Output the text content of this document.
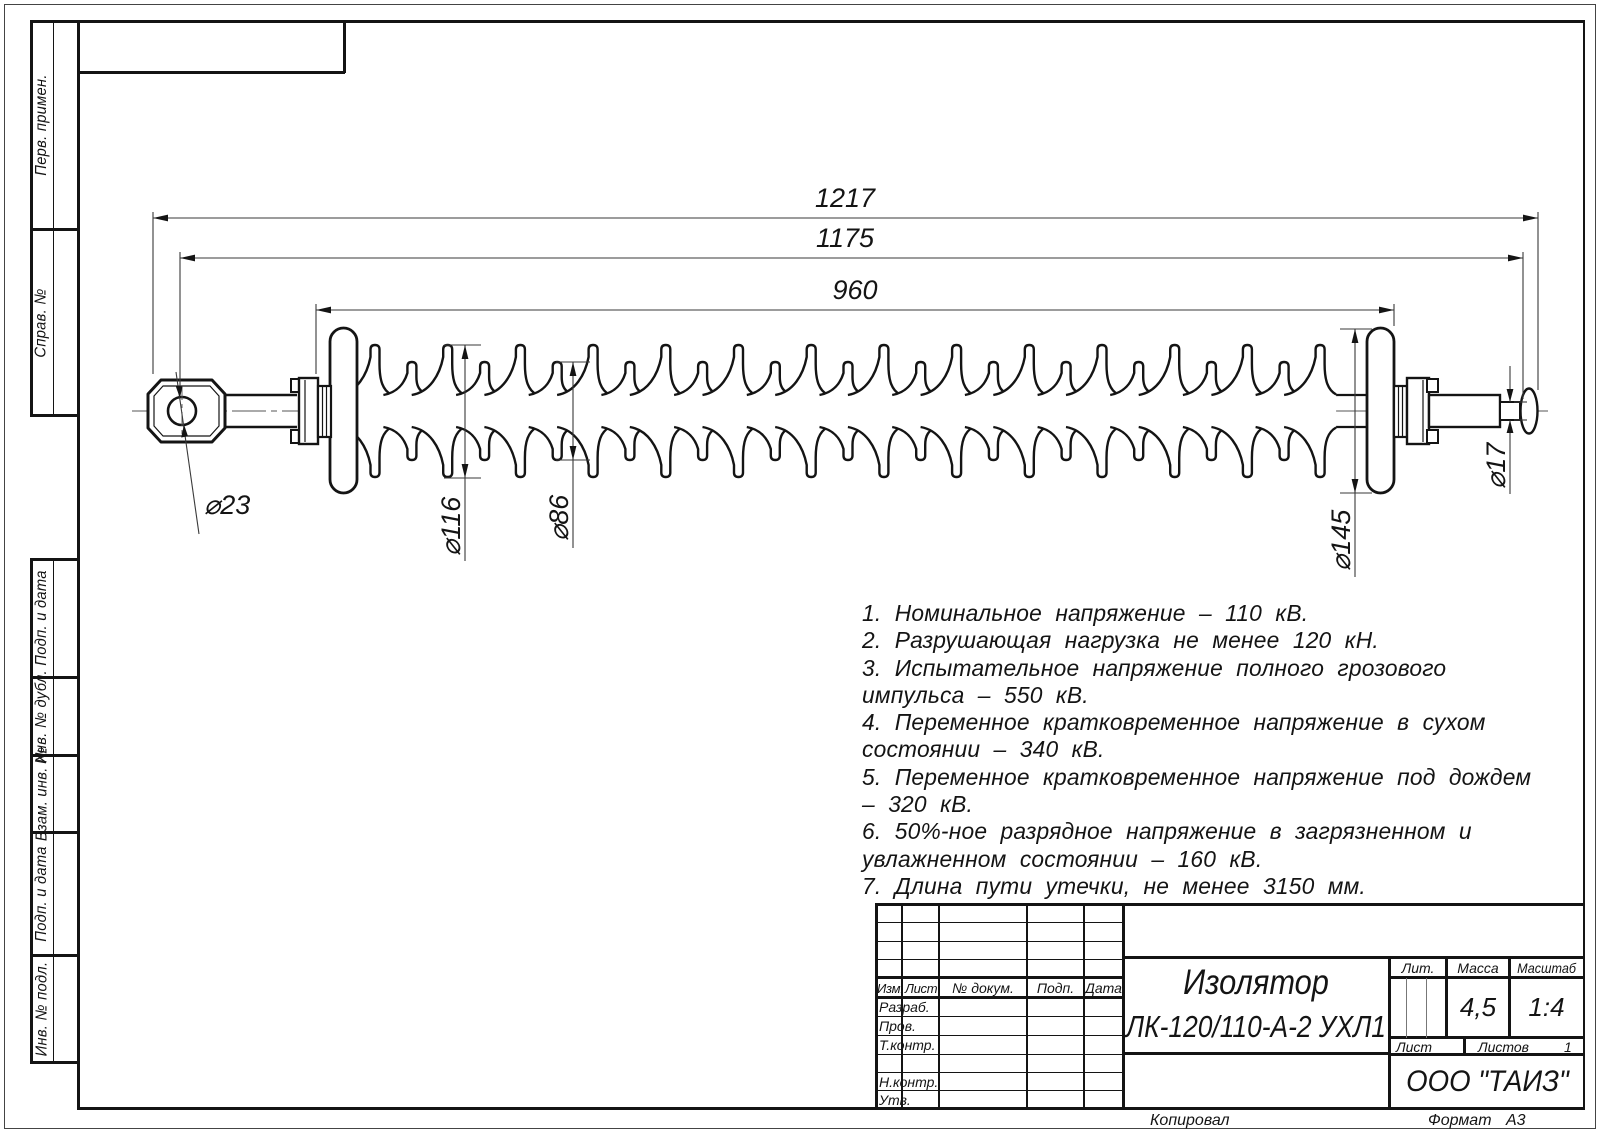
Перв. примен.
Справ. №
Подп. и дата
Инв. № дубл.
Взам. инв. №
Подп. и дата
Инв. № подл.
1217
1175
960
⌀23	⌀116	⌀86	⌀145
⌀17
1. Номинальное напряжение – 110 кВ.
2. Разрушающая нагрузка не менее 120 кН.
3. Испытательное напряжение полного грозового
импульса – 550 кВ.
4. Переменное кратковременное напряжение в сухом
состоянии – 340 кВ.
5. Переменное кратковременное напряжение под дождем
– 320 кВ.
6. 50%-ное разрядное напряжение в загрязненном и
увлажненном состоянии – 160 кВ.
7. Длина пути утечки, не менее 3150 мм.
Изм. Лист	№ докум.	Подп. Дата
Разраб.
Пров.
Т.контр.
Н.контр.
Утв.
Изолятор
ЛК-120/110-А-2 УХЛ1
Лит.	Масса	Масштаб
4,5	1:4
Лист	Листов	1
ООО "ТАИЗ"
Копировал	Формат А3
